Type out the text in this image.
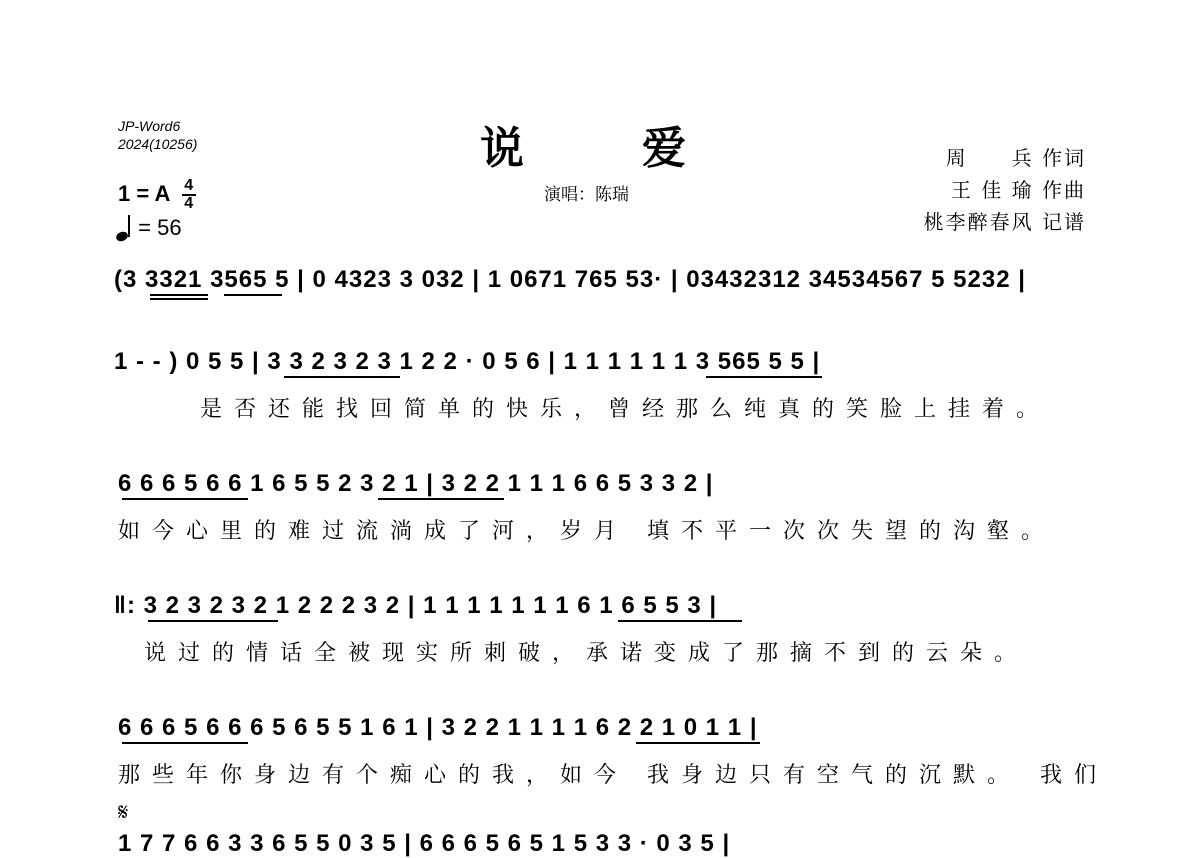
JP-Word6
2024(10256)	说爱
演唱：陈瑞
周　　兵 作词
王 佳 瑜 作曲
桃李醉春风 记谱
1 = A $\frac{4}{4}$
= 56
(3 3321 3565 5 | 0 4323 3 032 | 1 0671 765 53· | 03432312 34534567 5 5232 |
1 - - ) 0 5 5 | 3 3 2 3 2 3 1 2 2 · 0 5 6 | 1 1 1 1 1 1 3 565 5 5 |
是否还能找回简单的快乐，曾经那么纯真的笑脸上挂着。
6 6 6 5 6 6 1 6 5 5 2 3 2 1 | 3 2 2 1 1 1 6 6 5 3 3 2 |
如今心里的难过流淌成了河，岁月 填不平一次次失望的沟壑。
‖: 3 2 3 2 3 2 1 2 2 2 3 2 | 1 1 1 1 1 1 1 6 1 6 5 5 3 |
说过的情话全被现实所刺破，承诺变成了那摘不到的云朵。
6 6 6 5 6 6 6 5 6 5 5 1 6 1 | 3 2 2 1 1 1 1 6 2 2 1 0 1 1 |
那些年你身边有个痴心的我，如今 我身边只有空气的沉默。 我们
𝄋
1 7 7 6 6 3 3 6 5 5 0 3 5 | 6 6 6 5 6 5 1 5 3 3 · 0 3 5 |
